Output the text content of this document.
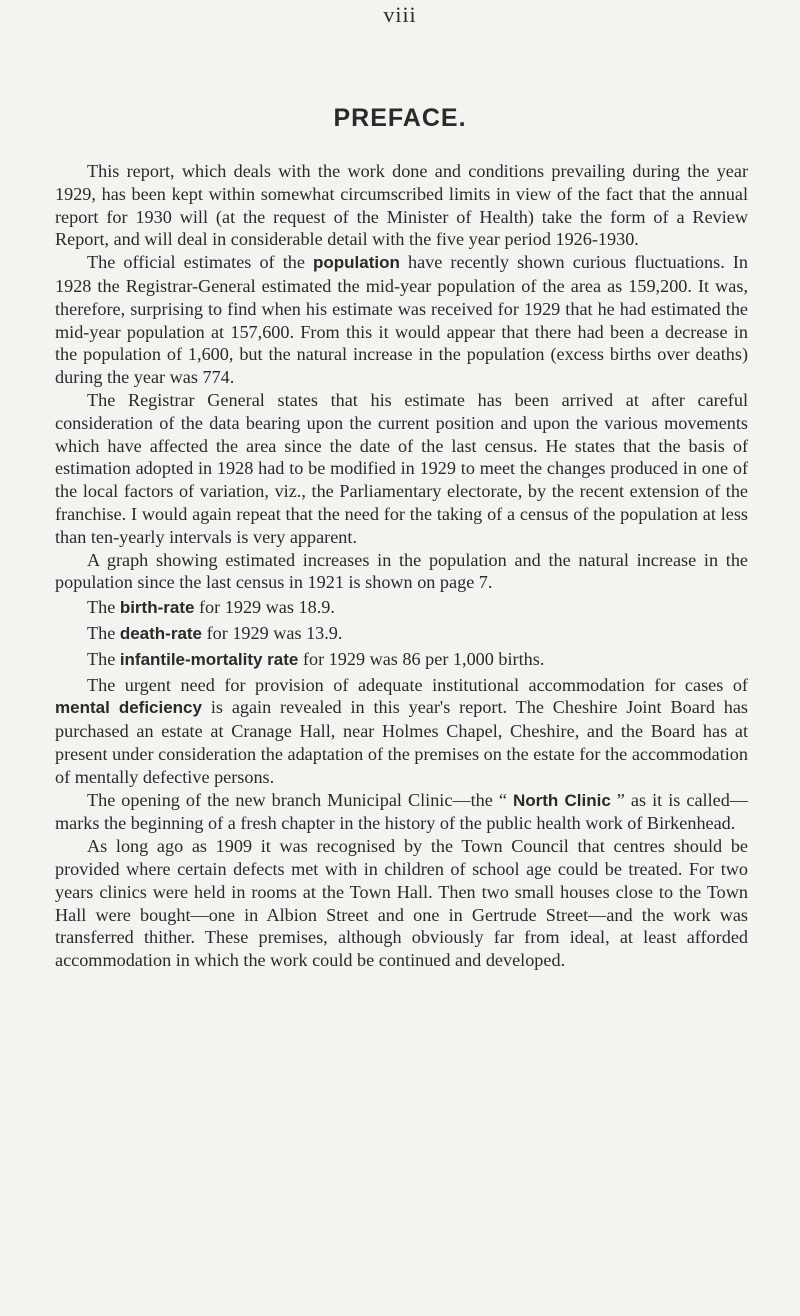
viii
PREFACE.

This report, which deals with the work done and conditions prevailing during the year 1929, has been kept within somewhat circumscribed limits in view of the fact that the annual report for 1930 will (at the request of the Minister of Health) take the form of a Review Report, and will deal in considerable detail with the five year period 1926-1930.

The official estimates of the population have recently shown curious fluctuations. In 1928 the Registrar-General estimated the mid-year population of the area as 159,200. It was, therefore, surprising to find when his estimate was received for 1929 that he had estimated the mid-year population at 157,600. From this it would appear that there had been a decrease in the population of 1,600, but the natural increase in the population (excess births over deaths) during the year was 774.

The Registrar General states that his estimate has been arrived at after careful consideration of the data bearing upon the current position and upon the various movements which have affected the area since the date of the last census. He states that the basis of estimation adopted in 1928 had to be modified in 1929 to meet the changes produced in one of the local factors of variation, viz., the Parliamentary electorate, by the recent extension of the franchise. I would again repeat that the need for the taking of a census of the population at less than ten-yearly intervals is very apparent.

A graph showing estimated increases in the population and the natural increase in the population since the last census in 1921 is shown on page 7.

The birth-rate for 1929 was 18.9.

The death-rate for 1929 was 13.9.

The infantile-mortality rate for 1929 was 86 per 1,000 births.

The urgent need for provision of adequate institutional accommodation for cases of mental deficiency is again revealed in this year's report. The Cheshire Joint Board has purchased an estate at Cranage Hall, near Holmes Chapel, Cheshire, and the Board has at present under consideration the adaptation of the premises on the estate for the accommodation of mentally defective persons.

The opening of the new branch Municipal Clinic—the “ North Clinic ” as it is called—marks the beginning of a fresh chapter in the history of the public health work of Birkenhead.

As long ago as 1909 it was recognised by the Town Council that centres should be provided where certain defects met with in children of school age could be treated. For two years clinics were held in rooms at the Town Hall. Then two small houses close to the Town Hall were bought—one in Albion Street and one in Gertrude Street—and the work was transferred thither. These premises, although obviously far from ideal, at least afforded accommodation in which the work could be continued and developed.
